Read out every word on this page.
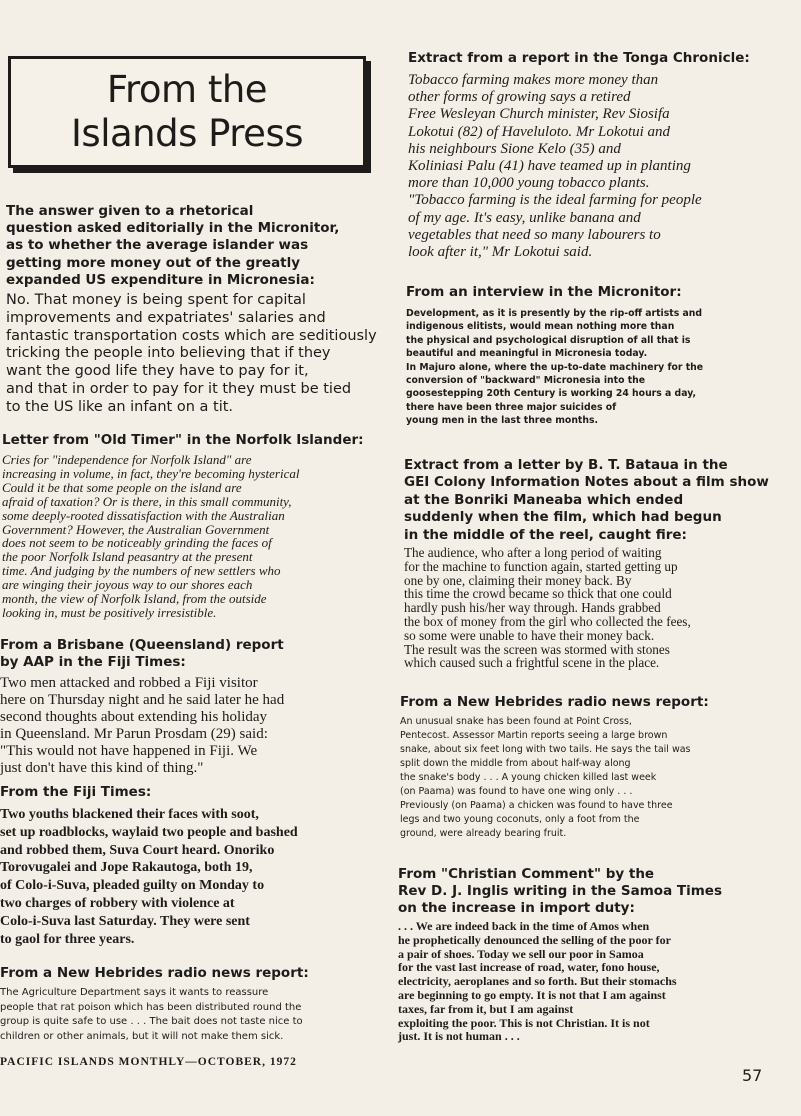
From the
Islands Press

The answer given to a rhetorical
question asked editorially in the Micronitor,
as to whether the average islander was
getting more money out of the greatly
expanded US expenditure in Micronesia:

No. That money is being spent for capital
improvements and expatriates' salaries and
fantastic transportation costs which are seditiously
tricking the people into believing that if they
want the good life they have to pay for it,
and that in order to pay for it they must be tied
to the US like an infant on a tit.

Letter from "Old Timer" in the Norfolk Islander:

Cries for "independence for Norfolk Island" are
increasing in volume, in fact, they're becoming hysterical
Could it be that some people on the island are
afraid of taxation? Or is there, in this small community,
some deeply-rooted dissatisfaction with the Australian
Government? However, the Australian Government
does not seem to be noticeably grinding the faces of
the poor Norfolk Island peasantry at the present
time. And judging by the numbers of new settlers who
are winging their joyous way to our shores each
month, the view of Norfolk Island, from the outside
looking in, must be positively irresistible.

From a Brisbane (Queensland) report
by AAP in the Fiji Times:

Two men attacked and robbed a Fiji visitor
here on Thursday night and he said later he had
second thoughts about extending his holiday
in Queensland. Mr Parun Prosdam (29) said:
"This would not have happened in Fiji. We
just don't have this kind of thing."

From the Fiji Times:

Two youths blackened their faces with soot,
set up roadblocks, waylaid two people and bashed
and robbed them, Suva Court heard. Onoriko
Torovugalei and Jope Rakautoga, both 19,
of Colo-i-Suva, pleaded guilty on Monday to
two charges of robbery with violence at
Colo-i-Suva last Saturday. They were sent
to gaol for three years.

From a New Hebrides radio news report:

The Agriculture Department says it wants to reassure
people that rat poison which has been distributed round the
group is quite safe to use . . . The bait does not taste nice to
children or other animals, but it will not make them sick.

PACIFIC ISLANDS MONTHLY—OCTOBER, 1972

Extract from a report in the Tonga Chronicle:

Tobacco farming makes more money than
other forms of growing says a retired
Free Wesleyan Church minister, Rev Siosifa
Lokotui (82) of Haveluloto. Mr Lokotui and
his neighbours Sione Kelo (35) and
Koliniasi Palu (41) have teamed up in planting
more than 10,000 young tobacco plants.
"Tobacco farming is the ideal farming for people
of my age. It's easy, unlike banana and
vegetables that need so many labourers to
look after it," Mr Lokotui said.

From an interview in the Micronitor:

Development, as it is presently by the rip-off artists and
indigenous elitists, would mean nothing more than
the physical and psychological disruption of all that is
beautiful and meaningful in Micronesia today.
In Majuro alone, where the up-to-date machinery for the
conversion of "backward" Micronesia into the
goosestepping 20th Century is working 24 hours a day,
there have been three major suicides of
young men in the last three months.

Extract from a letter by B. T. Bataua in the
GEI Colony Information Notes about a film show
at the Bonriki Maneaba which ended
suddenly when the film, which had begun
in the middle of the reel, caught fire:

The audience, who after a long period of waiting
for the machine to function again, started getting up
one by one, claiming their money back. By
this time the crowd became so thick that one could
hardly push his/her way through. Hands grabbed
the box of money from the girl who collected the fees,
so some were unable to have their money back.
The result was the screen was stormed with stones
which caused such a frightful scene in the place.

From a New Hebrides radio news report:

An unusual snake has been found at Point Cross,
Pentecost. Assessor Martin reports seeing a large brown
snake, about six feet long with two tails. He says the tail was
split down the middle from about half-way along
the snake's body . . . A young chicken killed last week
(on Paama) was found to have one wing only . . .
Previously (on Paama) a chicken was found to have three
legs and two young coconuts, only a foot from the
ground, were already bearing fruit.

From "Christian Comment" by the
Rev D. J. Inglis writing in the Samoa Times
on the increase in import duty:

. . . We are indeed back in the time of Amos when
he prophetically denounced the selling of the poor for
a pair of shoes. Today we sell our poor in Samoa
for the vast last increase of road, water, fono house,
electricity, aeroplanes and so forth. But their stomachs
are beginning to go empty. It is not that I am against
taxes, far from it, but I am against
exploiting the poor. This is not Christian. It is not
just. It is not human . . .

57
